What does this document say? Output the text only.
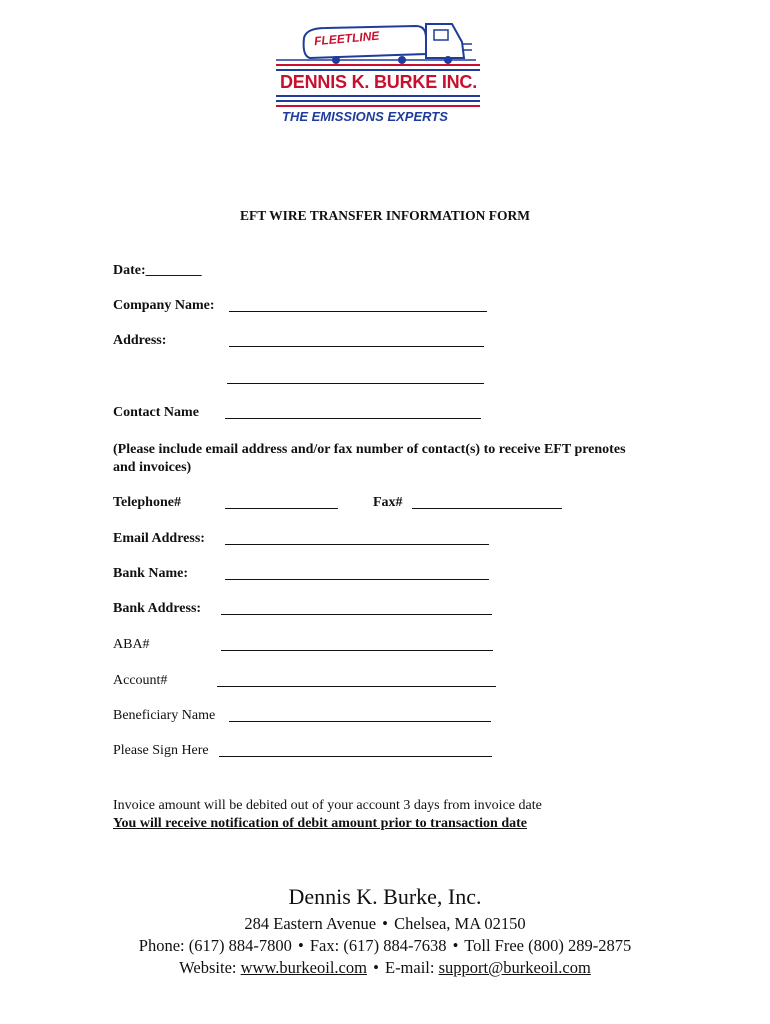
FLEETLINE
DENNIS K. BURKE INC.
THE EMISSIONS EXPERTS
EFT WIRE TRANSFER INFORMATION FORM
Date:________
Company Name:
Address:
Contact Name
(Please include email address and/or fax number of contact(s) to receive EFT prenotes and invoices)
Telephone#	Fax#
Email Address:
Bank Name:
Bank Address:
ABA#
Account#
Beneficiary Name
Please Sign Here
Invoice amount will be debited out of your account 3 days from invoice date
You will receive notification of debit amount prior to transaction date
Dennis K. Burke, Inc.
284 Eastern Avenue • Chelsea, MA 02150
Phone: (617) 884-7800 • Fax: (617) 884-7638 • Toll Free (800) 289-2875
Website: www.burkeoil.com • E-mail: support@burkeoil.com
